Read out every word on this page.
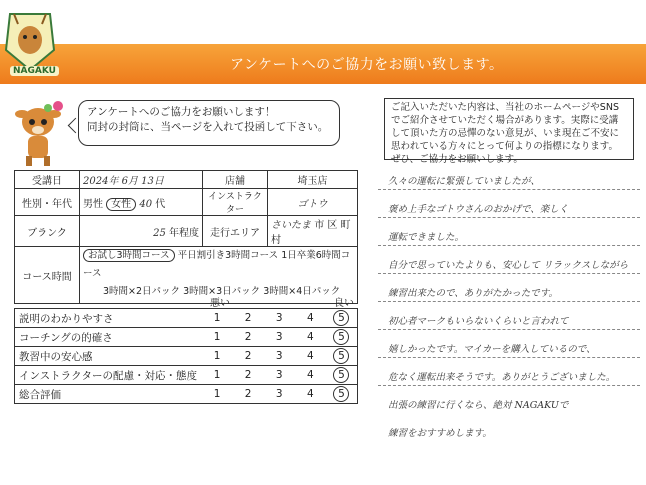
アンケートへのご協力をお願い致します。
NAGAKU
アンケートへのご協力をお願いします！
同封の封筒に、当ページを入れて投函して下さい。
受講日	2024年 6月 13日	店舗	埼玉店
性別・年代	男性 女性 40 代	インストラクター	ゴトウ
ブランク	25 年程度	走行エリア	さいたま 市 区 町 村
コース時間	お試し3時間コース 平日割引き3時間コース 1日卒業6時間コース
3時間×2日パック 3時間×3日パック 3時間×4日パック		
悪い	良い
説明のわかりやすさ	1	2	3	4	5
コーチングの的確さ	1	2	3	4	5
教習中の安心感	1	2	3	4	5
インストラクターの配慮・対応・態度	1	2	3	4	5
総合評価	1	2	3	4	5
ご記入いただいた内容は、当社のホームページやSNSでご紹介させていただく場合があります。実際に受講して頂いた方の忌憚のない意見が、いま現在ご不安に思われている方々にとって何よりの指標になります。ぜひ、ご協力をお願いします。
久々の運転に緊張していましたが、
褒め上手なゴトウさんのおかげで、楽しく
運転できました。
自分で思っていたよりも、安心して リラックスしながら
練習出来たので、ありがたかったです。
初心者マークもいらないくらいと言われて
嬉しかったです。マイカーを購入しているので、
危なく運転出来そうです。ありがとうございました。
出張の練習に行くなら、絶対 NAGAKUで
練習をおすすめします。
